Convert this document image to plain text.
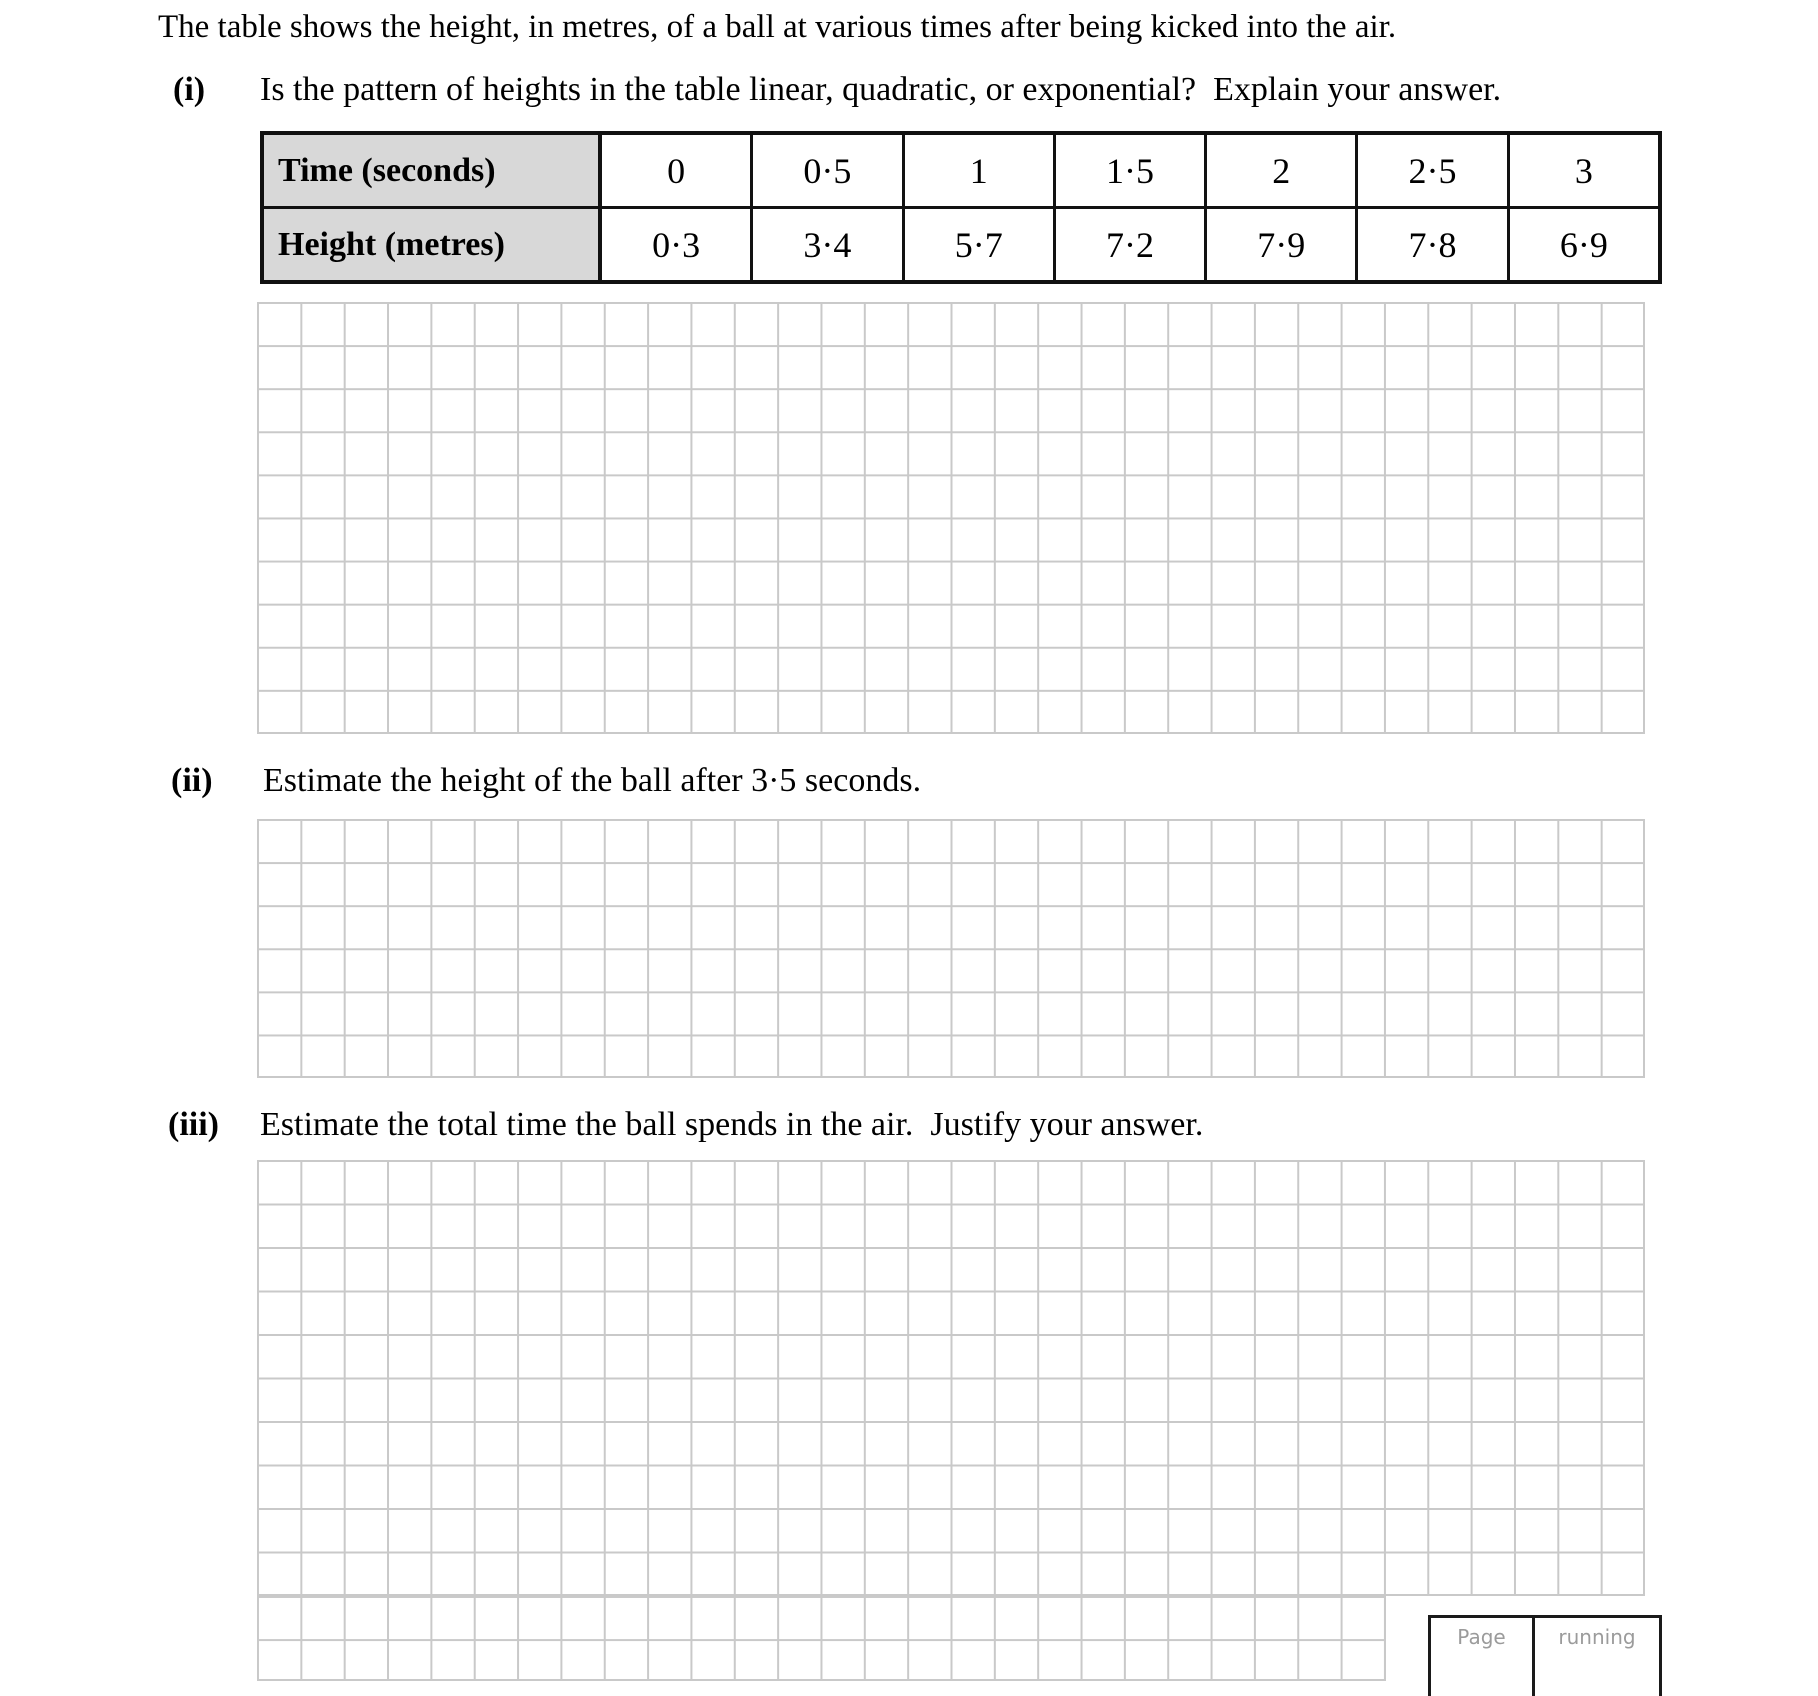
The table shows the height, in metres, of a ball at various times after being kicked into the air.
(i) Is the pattern of heights in the table linear, quadratic, or exponential?  Explain your answer.
Time (seconds)	0	0·5	1	1·5	2	2·5	3
Height (metres)	0·3	3·4	5·7	7·2	7·9	7·8	6·9
(ii) Estimate the height of the ball after 3·5 seconds.
(iii) Estimate the total time the ball spends in the air.  Justify your answer.
Page	running
